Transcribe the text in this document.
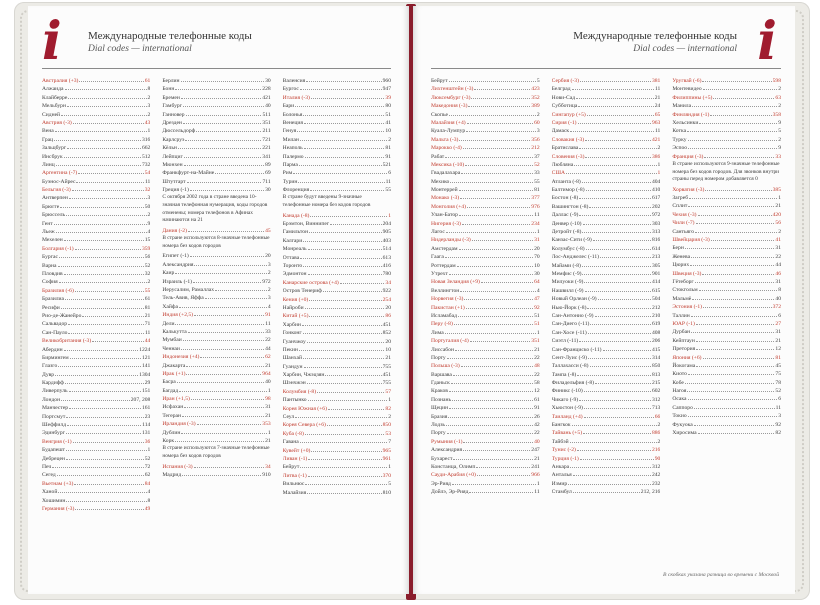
i Международные телефонные коды
Dial codes — international
Австралия (+3)	61
Алжаида	8
Клайберре	2
Мельбурн	3
Сидней	2
Австрия (-3)	43
Вена	1
Грац	316
Зальцбург	662
Инсбрук	512
Линц	732
Аргентина (-7)	54
Буэнос-Айрес	11
Бельгия (-3)	32
Антверпен	3
Брюгге	50
Брюссель	2
Гент	9
Льеж	4
Мехелен	15
Болгария (-1)	359
Бургас	56
Варна	52
Пловдив	32
София	2
Бразилия (-6)	55
Бразилиа	61
Ресифи	81
Рио-де-Жанейро	21
Сальвадор	71
Сан-Пауло	11
Великобритания (-3)	44
Абердин	1224
Бирмингем	121
Глазго	141
Дувр	1304
Кардифф	29
Ливерпуль	151
Лондон	207, 208
Манчестер	161
Портсмут	23
Шеффилд	114
Эдинбург	131
Венгрия (-1)	36
Будапешт	1
Дебрецен	52
Печ	72
Сегед	62
Вьетнам (+3)	84
Ханой	4
Хошимин	8
Германия (-3)	49
Берлин	30
Бонн	228
Бремен	421
Гамбург	40
Ганновер	511
Дрезден	351
Дюссельдорф	211
Карлсруэ	721
Кёльн	221
Лейпциг	341
Мюнхен	89
Франкфурт-на-Майне	69
Штутгарт	711
Греция (-1)	30
С октября 2002 года в стране введена 10-значная телефонная нумерация, коды городов отменены; номера телефонов в Афинах начинаются на 21
Дания (-2)	45
В стране используются 8-значные телефонные номера без кодов городов
Египет (-1)	20
Александрия	3
Каир	2
Израиль (-1)	972
Иерусалим, Рамаллах	2
Тель-Авив, Яффа	3
Хайфа	4
Индия (+2,5)	91
Дели	11
Калькутта	33
Мумбаи	22
Ченнаи	44
Индонезия (+4)	62
Джакарта	21
Ирак (+1)	964
Басра	40
Багдад	1
Иран (+1,5)	98
Исфахан	31
Тегеран	21
Ирландия (-3)	353
Дублин	1
Корк	21
В стране используются 7-значные телефонные номера без кодов городов
Испания (-3)	34
Мадрид	910
Валенсия	960
Бургос	947
Италия (-3)	39
Бари	80
Болонья	51
Венеция	41
Генуя	10
Милан	2
Неаполь	81
Палермо	91
Парма	521
Рим	6
Турин	11
Флоренция	55
В стране будут введены 9-значные телефонные номера без кодов городов
Канада (-8)	1
Брэмтон, Виннипег	204
Гамильтон	905
Калгари	403
Монреаль	514
Оттава	613
Торонто	416
Эдмонтон	780
Канарские острова (+4)	34
Остров Тенериф	922
Кения (+0)	254
Найроби	20
Китай (+5)	86
Харбин	451
Гонконг	852
Гуанчжоу	20
Пекин	10
Шанхай	21
Гуандун	755
Харбин, Чжэцзян	451
Шэнчжэн	755
Колумбия (-8)	57
Пантынко	1
Корея Южная (+6)	82
Сеул	2
Корея Севера (+6)	850
Куба (-8)	53
Гавана	7
Кувейт (+0)	965
Ливан (-1)	961
Бейрут	1
Литва (-1)	370
Вильнюс	5
Малайзия	810
i
Международные телефонные коды
Dial codes — international
Бейрут	5
Лихтенштейн (-3)	423
Люксембург (-3)	352
Македония (-3)	389
Скопье	2
Малайзия (+4)	60
Куала-Лумпур	3
Мальта (-3)	356
Марокко (-4)	212
Рабат	37
Мексика (-10)	52
Гвадалахара	33
Мехико	55
Монтеррей	81
Монако (-3)	377
Монголия (+4)	976
Улан-Батор	11
Нигерия (-3)	234
Лагос	1
Нидерланды (-3)	31
Амстердам	20
Гаага	70
Роттердам	10
Утрехт	30
Новая Зеландия (+9)	64
Веллингтон	4
Норвегия (-3)	47
Пакистан (+1)	92
Исламабад	51
Перу (-8)	51
Лима	1
Португалия (-4)	351
Лиссабон	21
Порту	22
Польша (-3)	48
Варшава	22
Гданьск	58
Краков	12
Познань	61
Щецин	91
Бразия	26
Лодзь	42
Порту	22
Румыния (-1)	40
Александрия	247
Бухарест	21
Констанца, Олимп	241
Сауди-Арабия (+0)	966
Эр-Рияд	1
Дойлэ, Эр-Рияд	11
Сербия (-3)	381
Белград	11
Нови-Сад	21
Субботица	24
Сингапур (+5)	65
Сирия (-1)	963
Дамаск	11
Словакия (-3)	421
Братислава	2
Словения (-3)	386
Любляна	1
США	1
Атланта (-8)	404
Балтимор (-8)	410
Бостон (-8)	617
Вашингтон (-8)	202
Даллас (-9)	972
Денвер (-10)	303
Детройт (-8)	313
Канзас-Сити (-9)	816
Колумбус (-8)	614
Лос-Анджелес (-11)	213
Майами (-8)	305
Мемфис (-9)	901
Милуоки (-9)	414
Нашвилл (-9)	615
Новый Орлеан (-9)	504
Нью-Йорк (-8)	212
Сан-Антонио (-9)	210
Сан-Диего (-11)	619
Сан-Хосе (-11)	408
Сиэтл (-11)	206
Сан-Франциско (-11)	415
Сент-Луис (-9)	314
Таллахасси (-8)	850
Тампа (-8)	813
Филадельфия (-8)	215
Финикс (-10)	602
Чикаго (-9)	312
Хьюстон (-9)	713
Таиланд (+4)	66
Бангкок	2
Тайвань (+5)	886
Тайбэй	2
Тунис (-2)	216
Турция (-1)	90
Анкара	312
Анталья	242
Измир	232
Стамбул	212, 216
Уругвай (-6)	598
Монтевидео	2
Филиппины (+5)	63
Манила	2
Финляндия (-1)	358
Хельсинки	9
Котка	5
Турку	2
Эспоо	9
Франция (-3)	33
В стране используются 9-значные телефонные номера без кодов городов. Для звонков внутри страны перед номером добавляется 0
Хорватия (-3)	385
Загреб	1
Сплит	21
Чехия (-3)	420
Чили (-7)	56
Сантьяго	2
Швейцария (-3)	41
Берн	31
Женева	22
Цюрих	44
Швеция (-3)	46
Гётеборг	31
Стокгольм	8
Мальмё	40
Эстония (-1)	372
Таллин	6
ЮАР (-1)	27
Дурбан	31
Кейптаун	21
Претория	12
Япония (+6)	81
Йокогама	45
Киото	75
Кобе	78
Нагоя	52
Осака	6
Саппоро	11
Токио	3
Фукуока	92
Хиросима	82
В скобках указана разница во времени с Москвой
